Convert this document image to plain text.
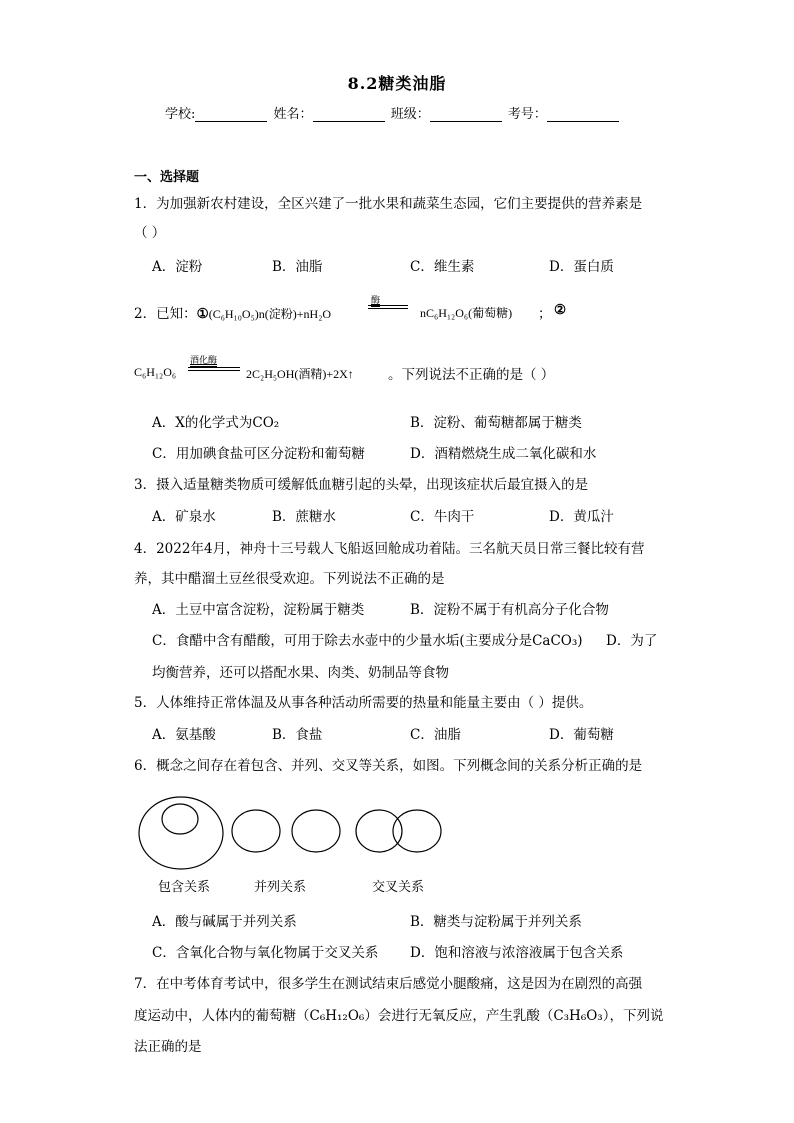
8.2糖类油脂
学校:	姓名：	班级：	考号：
一、选择题
1．为加强新农村建设，全区兴建了一批水果和蔬菜生态园，它们主要提供的营养素是
（ ）
A．淀粉	B．油脂	C．维生素	D．蛋白质
2．已知：①(C₆H₁₀O₅)n(淀粉)+nH₂O
酶
nC₆H₁₂O₆(葡萄糖) ； ②
C₆H₁₂O₆
酒化酶
2C₂H₅OH(酒精)+2X↑	。下列说法不正确的是（ ）
A．X的化学式为CO₂	B．淀粉、葡萄糖都属于糖类
C．用加碘食盐可区分淀粉和葡萄糖	D．酒精燃烧生成二氧化碳和水
3．摄入适量糖类物质可缓解低血糖引起的头晕，出现该症状后最宜摄入的是
A．矿泉水	B．蔗糖水	C．牛肉干	D．黄瓜汁
4．2022年4月，神舟十三号载人飞船返回舱成功着陆。三名航天员日常三餐比较有营
养，其中醋溜土豆丝很受欢迎。下列说法不正确的是
A．土豆中富含淀粉，淀粉属于糖类	B．淀粉不属于有机高分子化合物
C．食醋中含有醋酸，可用于除去水壶中的少量水垢(主要成分是CaCO₃) D．为了
均衡营养，还可以搭配水果、肉类、奶制品等食物
5．人体维持正常体温及从事各种活动所需要的热量和能量主要由（ ）提供。
A．氨基酸	B．食盐	C．油脂	D．葡萄糖
6．概念之间存在着包含、并列、交叉等关系，如图。下列概念间的关系分析正确的是
包含关系	并列关系	交叉关系
A．酸与碱属于并列关系	B．糖类与淀粉属于并列关系
C．含氧化合物与氧化物属于交叉关系 D．饱和溶液与浓溶液属于包含关系
7．在中考体育考试中，很多学生在测试结束后感觉小腿酸痛，这是因为在剧烈的高强
度运动中，人体内的葡萄糖（C₆H₁₂O₆）会进行无氧反应，产生乳酸（C₃H₆O₃），下列说
法正确的是
